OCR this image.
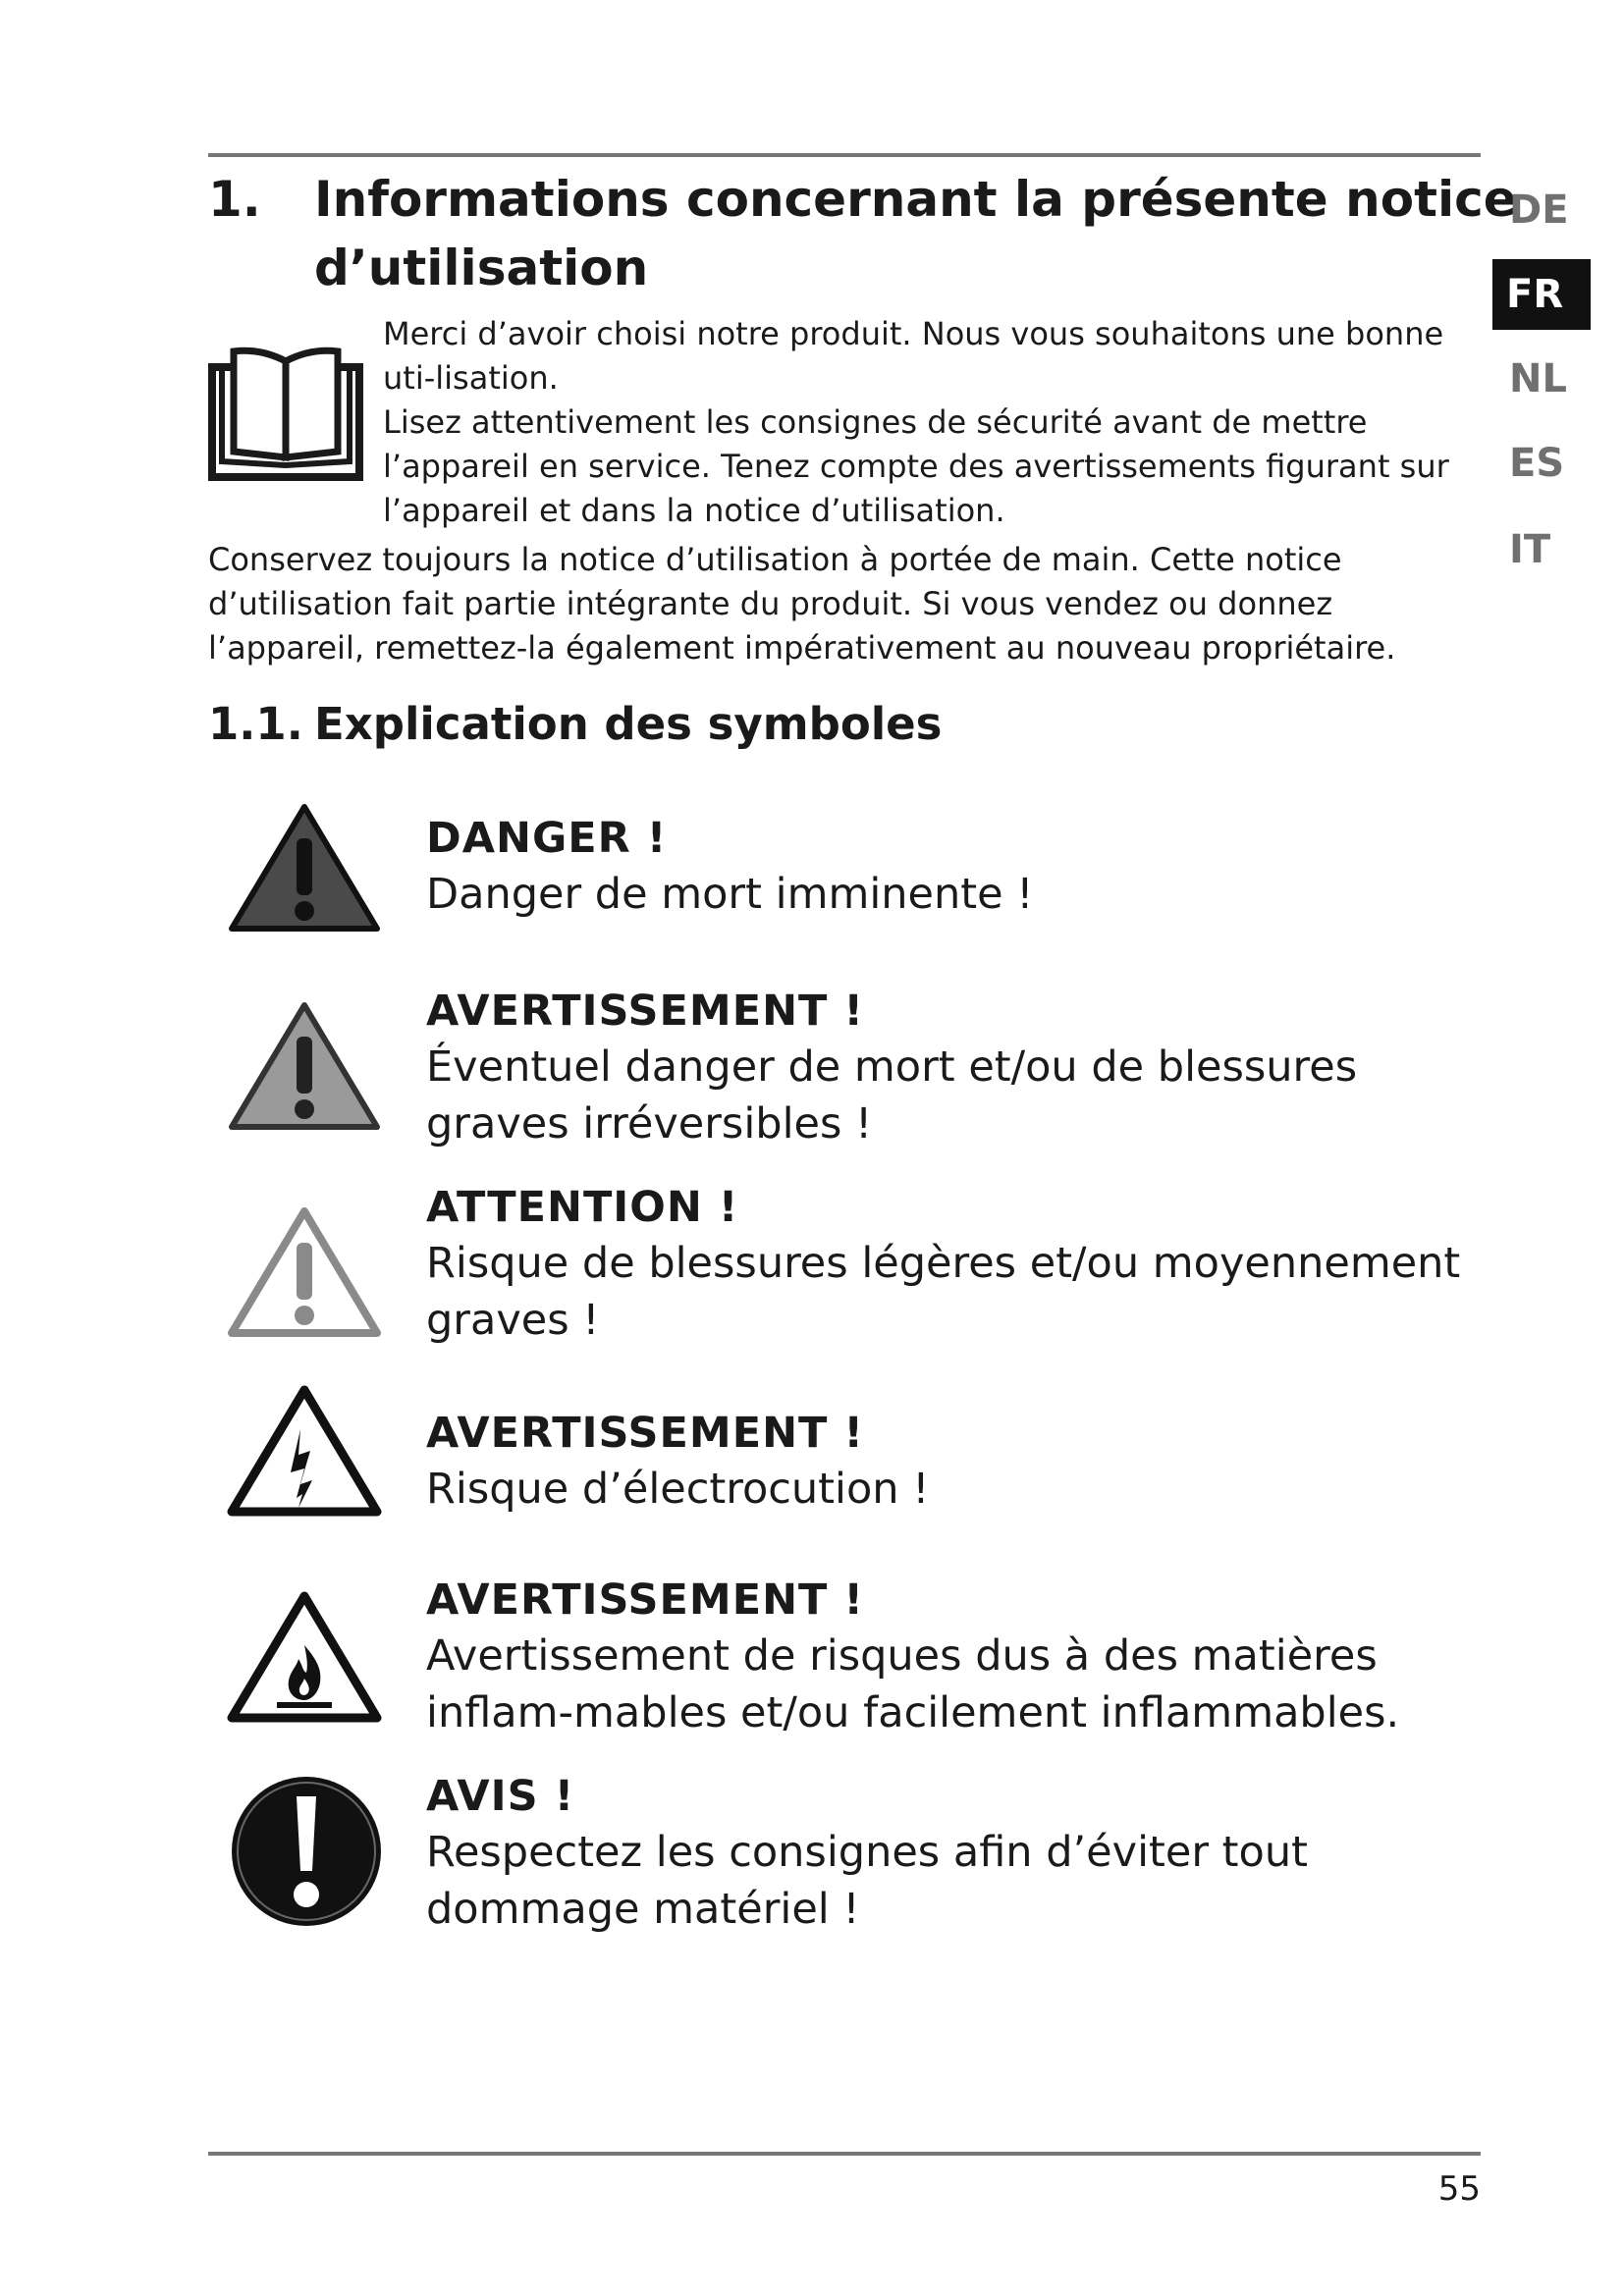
1. Informations concernant la présente notice
d’utilisation

Merci d’avoir choisi notre produit. Nous vous souhaitons une bonne uti-lisation.

Lisez attentivement les consignes de sécurité avant de mettre l’appareil en service. Tenez compte des avertissements figurant sur l’appareil et dans la notice d’utilisation.

Conservez toujours la notice d’utilisation à portée de main. Cette notice d’utilisation fait partie intégrante du produit. Si vous vendez ou donnez l’appareil, remettez-la également impérativement au nouveau propriétaire.

1.1. Explication des symboles
DANGER !
Danger de mort imminente !
AVERTISSEMENT !
Éventuel danger de mort et/ou de blessures graves irréversibles !
ATTENTION !
Risque de blessures légères et/ou moyennement graves !
AVERTISSEMENT !
Risque d’électrocution !
AVERTISSEMENT !
Avertissement de risques dus à des matières inflam-mables et/ou facilement inflammables.
AVIS !
Respectez les consignes afin d’éviter tout dommage matériel !
DE
FR
NL
ES
IT

55
